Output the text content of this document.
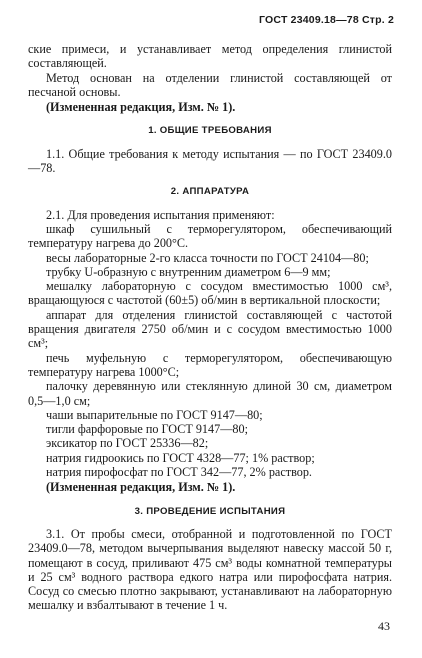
ГОСТ 23409.18—78 Стр. 2

ские примеси, и устанавливает метод определения глинистой составляющей.

Метод основан на отделении глинистой составляющей от песчаной основы.

(Измененная редакция, Изм. № 1).

1. ОБЩИЕ ТРЕБОВАНИЯ

1.1. Общие требования к методу испытания — по ГОСТ 23409.0—78.

2. АППАРАТУРА

2.1. Для проведения испытания применяют:

шкаф сушильный с терморегулятором, обеспечивающий температуру нагрева до 200°С.

весы лабораторные 2-го класса точности по ГОСТ 24104—80;

трубку U-образную с внутренним диаметром 6—9 мм;

мешалку лабораторную с сосудом вместимостью 1000 см³, вращающуюся с частотой (60±5) об/мин в вертикальной плоскости;

аппарат для отделения глинистой составляющей с частотой вращения двигателя 2750 об/мин и с сосудом вместимостью 1000 см³;

печь муфельную с терморегулятором, обеспечивающую температуру нагрева 1000°С;

палочку деревянную или стеклянную длиной 30 см, диаметром 0,5—1,0 см;

чаши выпарительные по ГОСТ 9147—80;

тигли фарфоровые по ГОСТ 9147—80;

эксикатор по ГОСТ 25336—82;

натрия гидроокись по ГОСТ 4328—77; 1% раствор;

натрия пирофосфат по ГОСТ 342—77, 2% раствор.

(Измененная редакция, Изм. № 1).

3. ПРОВЕДЕНИЕ ИСПЫТАНИЯ

3.1. От пробы смеси, отобранной и подготовленной по ГОСТ 23409.0—78, методом вычерпывания выделяют навеску массой 50 г, помещают в сосуд, приливают 475 см³ воды комнатной температуры и 25 см³ водного раствора едкого натра или пирофосфата натрия. Сосуд со смесью плотно закрывают, устанавливают на лабораторную мешалку и взбалтывают в течение 1 ч.

43
